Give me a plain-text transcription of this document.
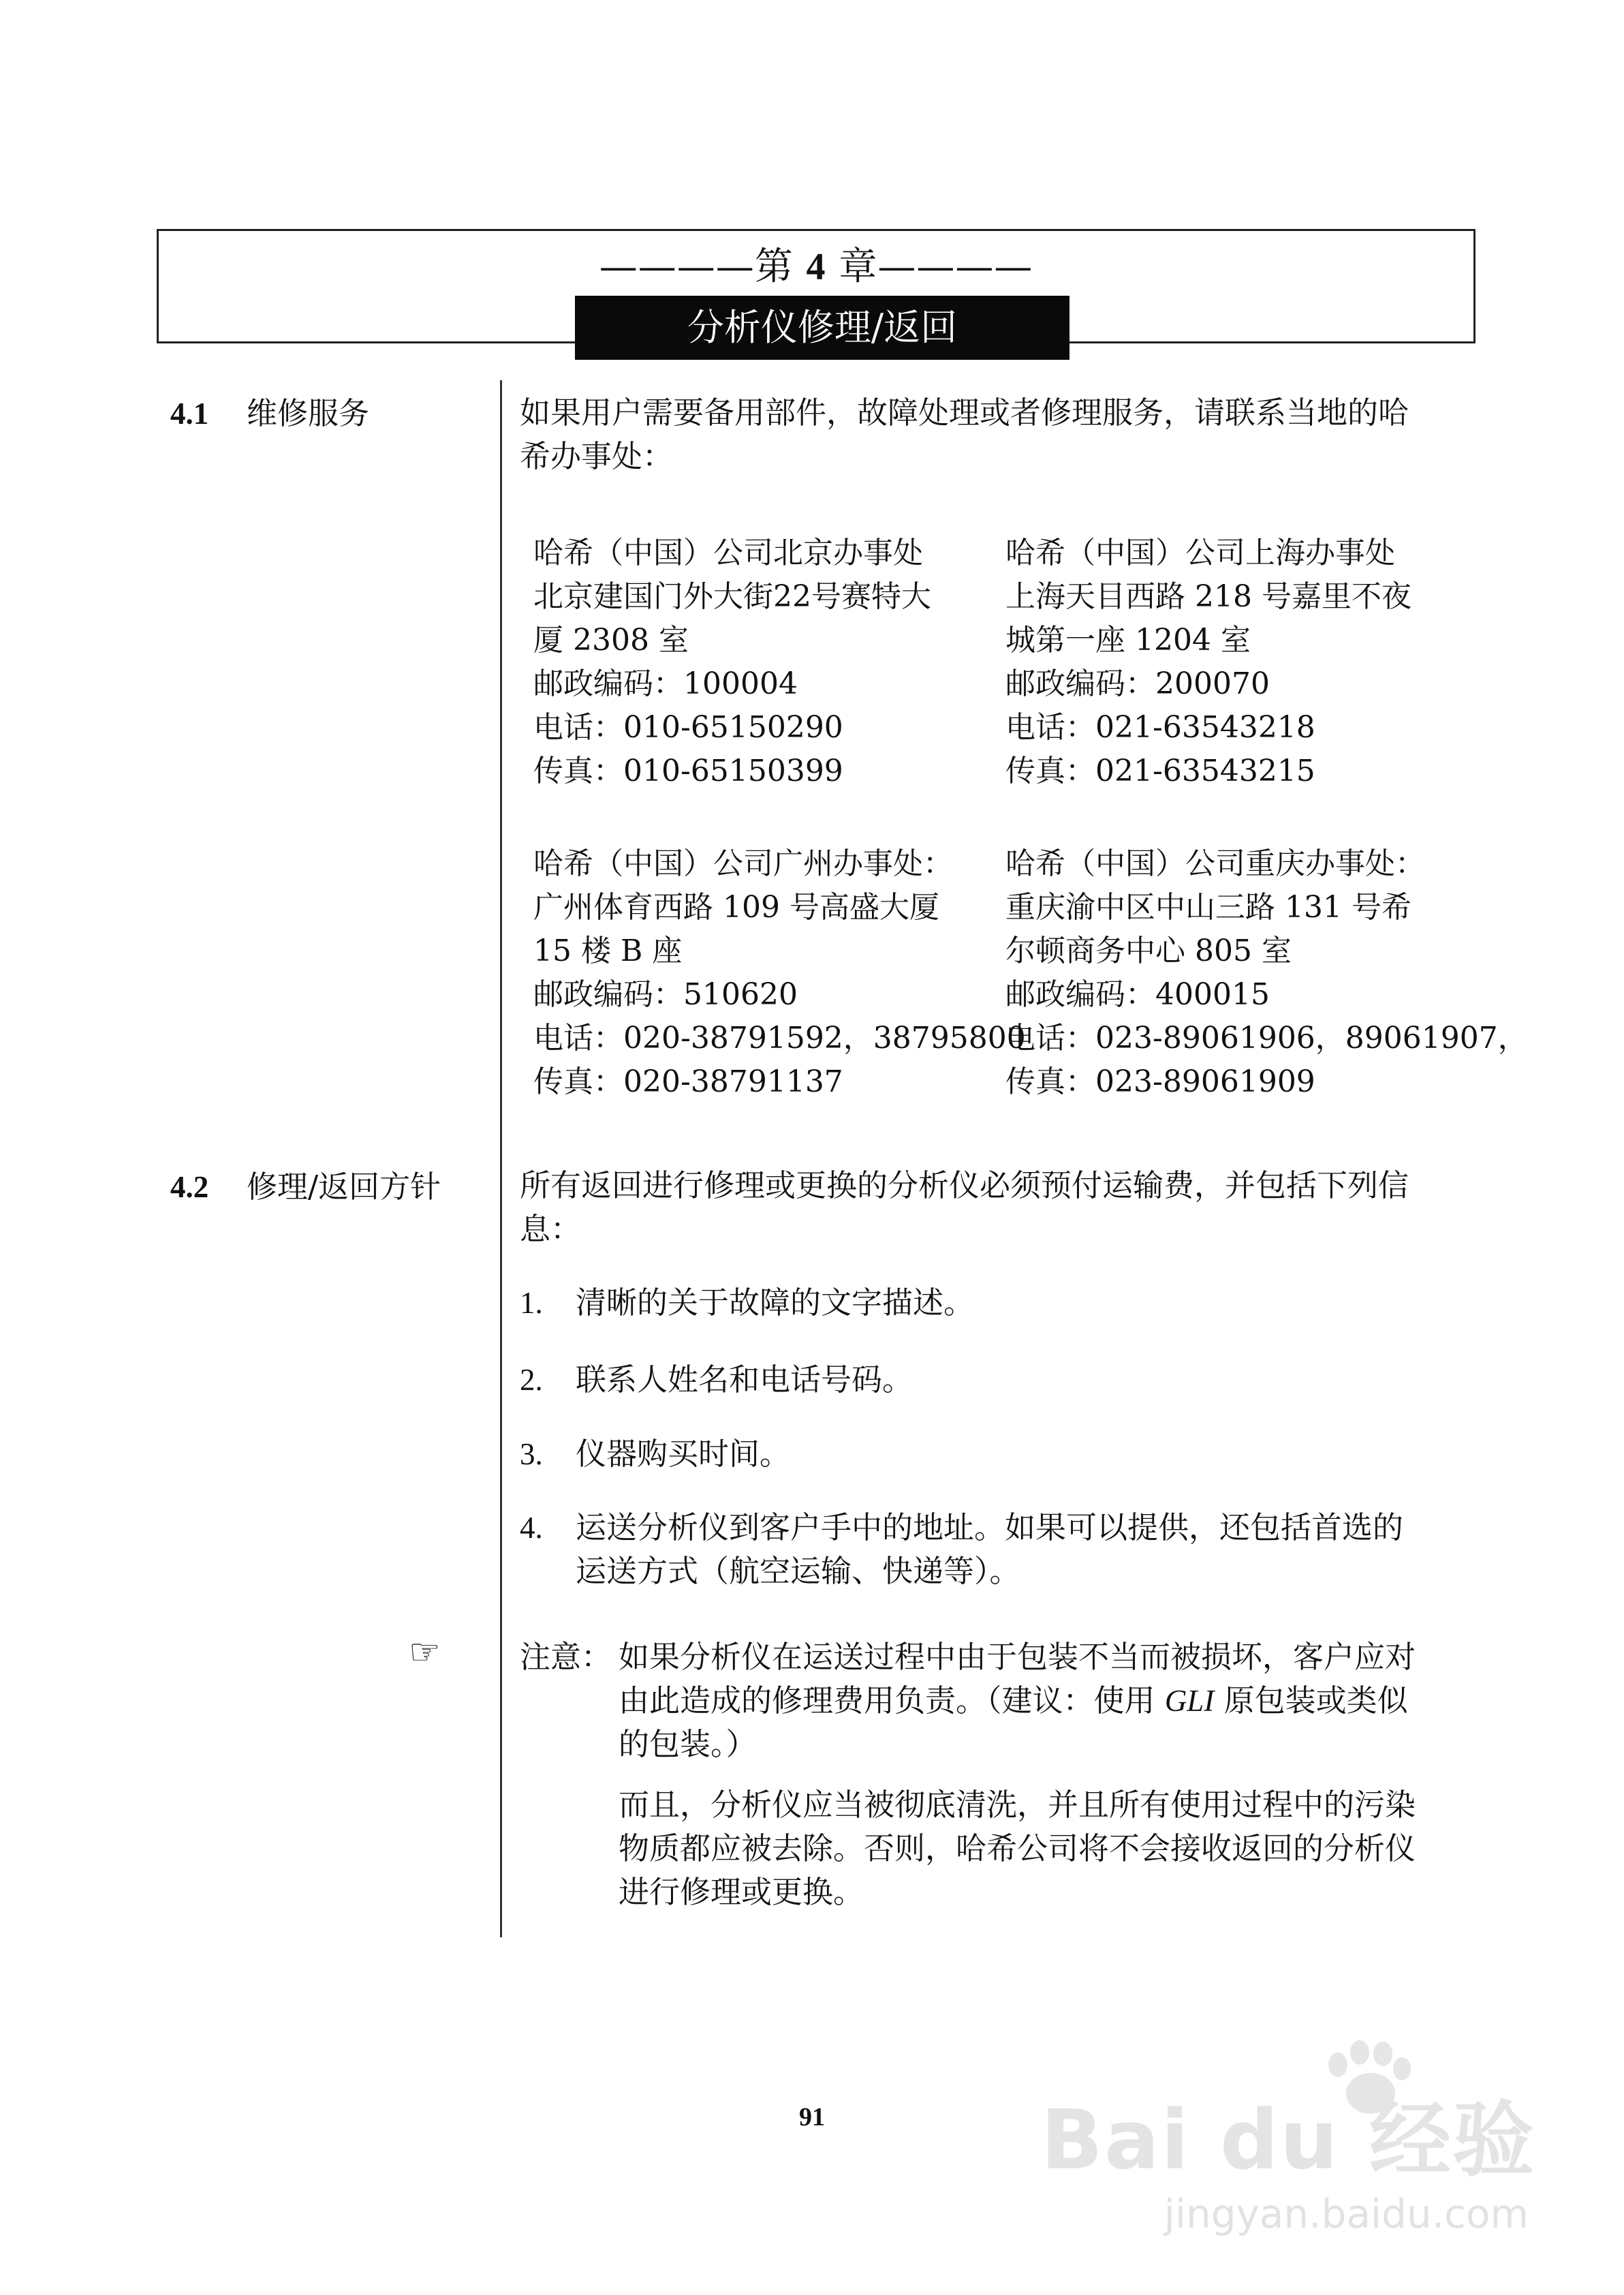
————第 4 章————
分析仪修理/返回
4.1 维修服务	如果用户需要备用部件，故障处理或者修理服务，请联系当地的哈
希办事处：
哈希（中国）公司北京办事处
北京建国门外大街22号赛特大
厦 2308 室
邮政编码：100004
电话：010-65150290
传真：010-65150399
哈希（中国）公司上海办事处
上海天目西路 218 号嘉里不夜
城第一座 1204 室
邮政编码：200070
电话：021-63543218
传真：021-63543215
哈希（中国）公司广州办事处：
广州体育西路 109 号高盛大厦
15 楼 B 座
邮政编码：510620
电话：020-38791592，38795800
传真：020-38791137
哈希（中国）公司重庆办事处：
重庆渝中区中山三路 131 号希
尔顿商务中心 805 室
邮政编码：400015
电话：023-89061906，89061907，
传真：023-89061909
4.2 修理/返回方针	所有返回进行修理或更换的分析仪必须预付运输费，并包括下列信
息：
1. 清晰的关于故障的文字描述。
2. 联系人姓名和电话号码。
3. 仪器购买时间。
4. 运送分析仪到客户手中的地址。如果可以提供，还包括首选的
运送方式（航空运输、快递等）。
☞	注意： 如果分析仪在运送过程中由于包装不当而被损坏，客户应对
由此造成的修理费用负责。（建议：使用 GLI 原包装或类似
的包装。）
而且，分析仪应当被彻底清洗，并且所有使用过程中的污染
物质都应被去除。否则，哈希公司将不会接收返回的分析仪
进行修理或更换。
91	Bai du 经验
jingyan.baidu.com
